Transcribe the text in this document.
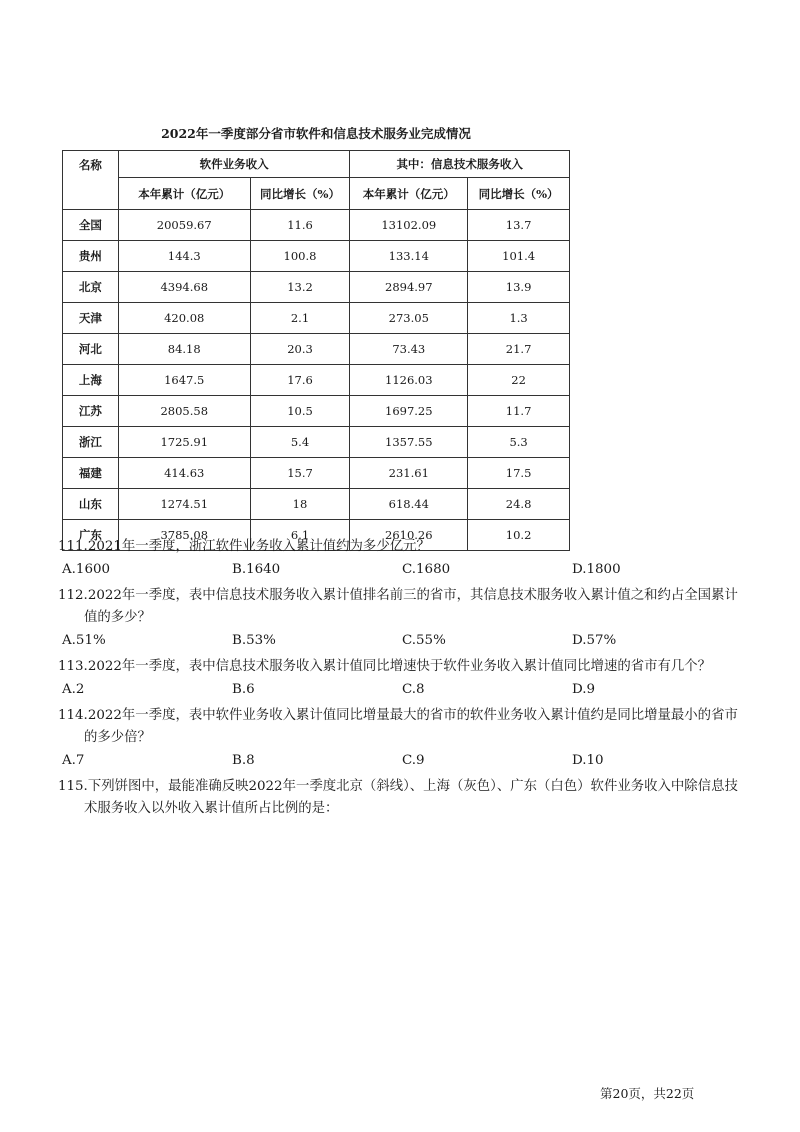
2022年一季度部分省市软件和信息技术服务业完成情况
名称	软件业务收入		其中：信息技术服务收入	
	本年累计（亿元）	同比增长（%）	本年累计（亿元）	同比增长（%）
全国	20059.67	11.6	13102.09	13.7
贵州	144.3	100.8	133.14	101.4
北京	4394.68	13.2	2894.97	13.9
天津	420.08	2.1	273.05	1.3
河北	84.18	20.3	73.43	21.7
上海	1647.5	17.6	1126.03	22
江苏	2805.58	10.5	1697.25	11.7
浙江	1725.91	5.4	1357.55	5.3
福建	414.63	15.7	231.61	17.5
山东	1274.51	18	618.44	24.8
广东	3785.08	6.1	2610.26	10.2
111.2021年一季度，浙江软件业务收入累计值约为多少亿元？
A.1600	B.1640	C.1680	D.1800
112.2022年一季度，表中信息技术服务收入累计值排名前三的省市，其信息技术服务收入累计值之和约占全国累计值的多少？
A.51%	B.53%	C.55%	D.57%
113.2022年一季度，表中信息技术服务收入累计值同比增速快于软件业务收入累计值同比增速的省市有几个？
A.2	B.6	C.8	D.9
114.2022年一季度，表中软件业务收入累计值同比增量最大的省市的软件业务收入累计值约是同比增量最小的省市的多少倍？
A.7	B.8	C.9	D.10
115.下列饼图中，最能准确反映2022年一季度北京（斜线）、上海（灰色）、广东（白色）软件业务收入中除信息技术服务收入以外收入累计值所占比例的是：
第20页，共22页
